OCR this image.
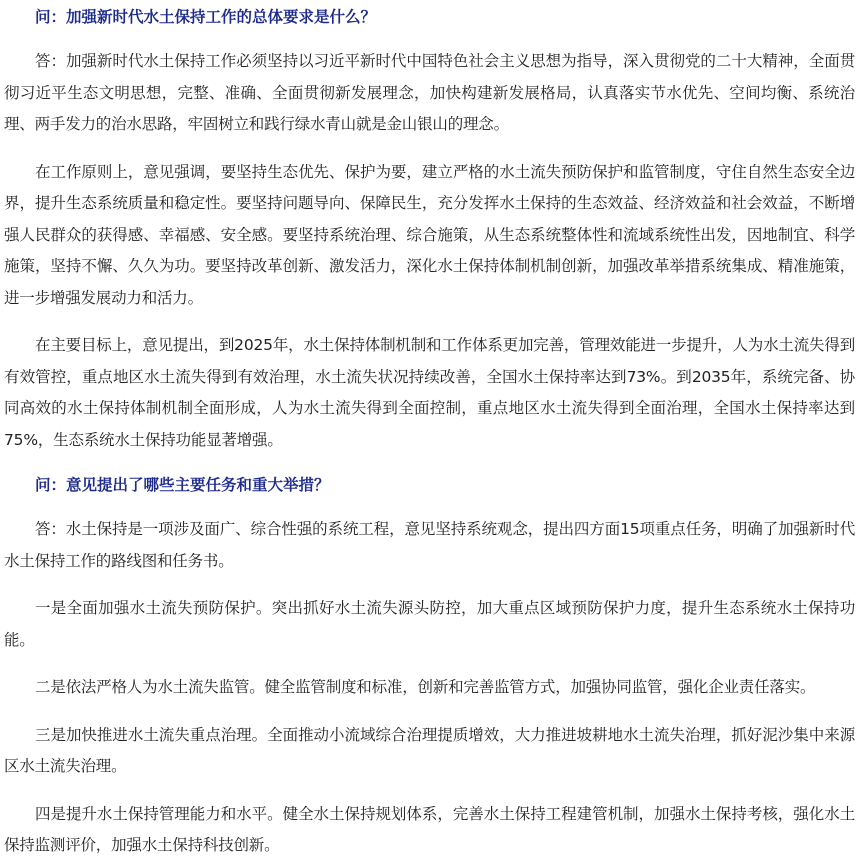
问：加强新时代水土保持工作的总体要求是什么？

答：加强新时代水土保持工作必须坚持以习近平新时代中国特色社会主义思想为指导，深入贯彻党的二十大精神，全面贯彻习近平生态文明思想，完整、准确、全面贯彻新发展理念，加快构建新发展格局，认真落实节水优先、空间均衡、系统治理、两手发力的治水思路，牢固树立和践行绿水青山就是金山银山的理念。

在工作原则上，意见强调，要坚持生态优先、保护为要，建立严格的水土流失预防保护和监管制度，守住自然生态安全边界，提升生态系统质量和稳定性。要坚持问题导向、保障民生，充分发挥水土保持的生态效益、经济效益和社会效益，不断增强人民群众的获得感、幸福感、安全感。要坚持系统治理、综合施策，从生态系统整体性和流域系统性出发，因地制宜、科学施策，坚持不懈、久久为功。要坚持改革创新、激发活力，深化水土保持体制机制创新，加强改革举措系统集成、精准施策，进一步增强发展动力和活力。

在主要目标上，意见提出，到2025年，水土保持体制机制和工作体系更加完善，管理效能进一步提升，人为水土流失得到有效管控，重点地区水土流失得到有效治理，水土流失状况持续改善，全国水土保持率达到73%。到2035年，系统完备、协同高效的水土保持体制机制全面形成，人为水土流失得到全面控制，重点地区水土流失得到全面治理，全国水土保持率达到75%，生态系统水土保持功能显著增强。

问：意见提出了哪些主要任务和重大举措？

答：水土保持是一项涉及面广、综合性强的系统工程，意见坚持系统观念，提出四方面15项重点任务，明确了加强新时代水土保持工作的路线图和任务书。

一是全面加强水土流失预防保护。突出抓好水土流失源头防控，加大重点区域预防保护力度，提升生态系统水土保持功能。

二是依法严格人为水土流失监管。健全监管制度和标准，创新和完善监管方式，加强协同监管，强化企业责任落实。

三是加快推进水土流失重点治理。全面推动小流域综合治理提质增效，大力推进坡耕地水土流失治理，抓好泥沙集中来源区水土流失治理。

四是提升水土保持管理能力和水平。健全水土保持规划体系，完善水土保持工程建管机制，加强水土保持考核，强化水土保持监测评价，加强水土保持科技创新。
